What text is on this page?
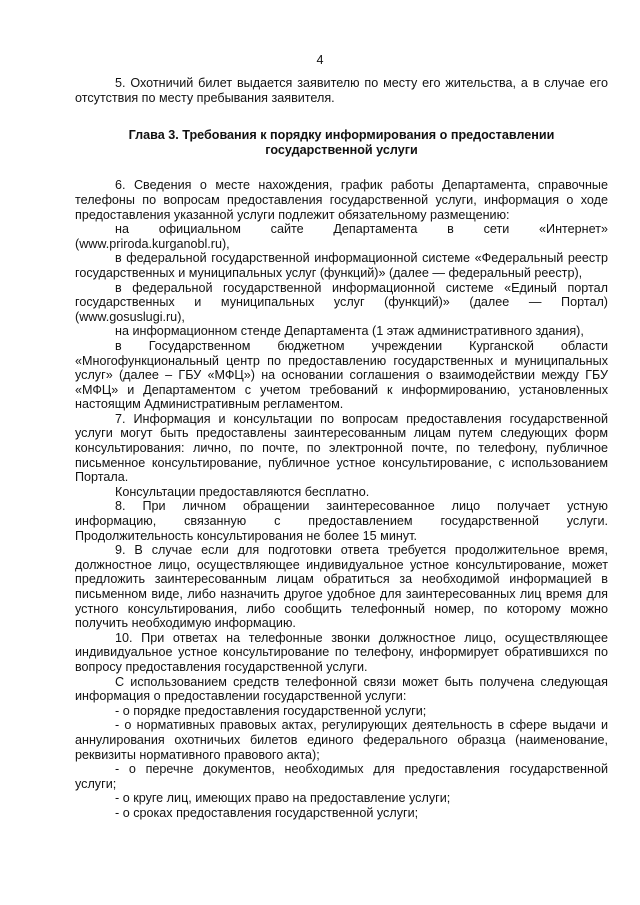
4

5. Охотничий билет выдается заявителю по месту его жительства, а в случае его отсутствия по месту пребывания заявителя.

Глава 3. Требования к порядку информирования о предоставлении государственной услуги

6. Сведения о месте нахождения, график работы Департамента, справочные телефоны по вопросам предоставления государственной услуги, информация о ходе предоставления указанной услуги подлежит обязательному размещению:

на официальном сайте Департамента в сети «Интернет»

(www.priroda.kurganobl.ru),

в федеральной государственной информационной системе «Федеральный реестр государственных и муниципальных услуг (функций)» (далее — федеральный реестр),

в федеральной государственной информационной системе «Единый портал

государственных и муниципальных услуг (функций)» (далее — Портал)

(www.gosuslugi.ru),

на информационном стенде Департамента (1 этаж административного здания),

в Государственном бюджетном учреждении Курганской области

«Многофункциональный центр по предоставлению государственных и муниципальных услуг» (далее – ГБУ «МФЦ») на основании соглашения о взаимодействии между ГБУ «МФЦ» и Департаментом с учетом требований к информированию, установленных настоящим Административным регламентом.

7. Информация и консультации по вопросам предоставления государственной услуги могут быть предоставлены заинтересованным лицам путем следующих форм консультирования: лично, по почте, по электронной почте, по телефону, публичное письменное консультирование, публичное устное консультирование, с использованием Портала.

Консультации предоставляются бесплатно.

8. При личном обращении заинтересованное лицо получает устную

информацию, связанную с предоставлением государственной услуги.

Продолжительность консультирования не более 15 минут.

9. В случае если для подготовки ответа требуется продолжительное время, должностное лицо, осуществляющее индивидуальное устное консультирование, может предложить заинтересованным лицам обратиться за необходимой информацией в письменном виде, либо назначить другое удобное для заинтересованных лиц время для устного консультирования, либо сообщить телефонный номер, по которому можно получить необходимую информацию.

10. При ответах на телефонные звонки должностное лицо, осуществляющее индивидуальное устное консультирование по телефону, информирует обратившихся по вопросу предоставления государственной услуги.

С использованием средств телефонной связи может быть получена следующая информация о предоставлении государственной услуги:

- о порядке предоставления государственной услуги;

- о нормативных правовых актах, регулирующих деятельность в сфере выдачи и аннулирования охотничьих билетов единого федерального образца (наименование, реквизиты нормативного правового акта);

- о перечне документов, необходимых для предоставления государственной услуги;

- о круге лиц, имеющих право на предоставление услуги;

- о сроках предоставления государственной услуги;
